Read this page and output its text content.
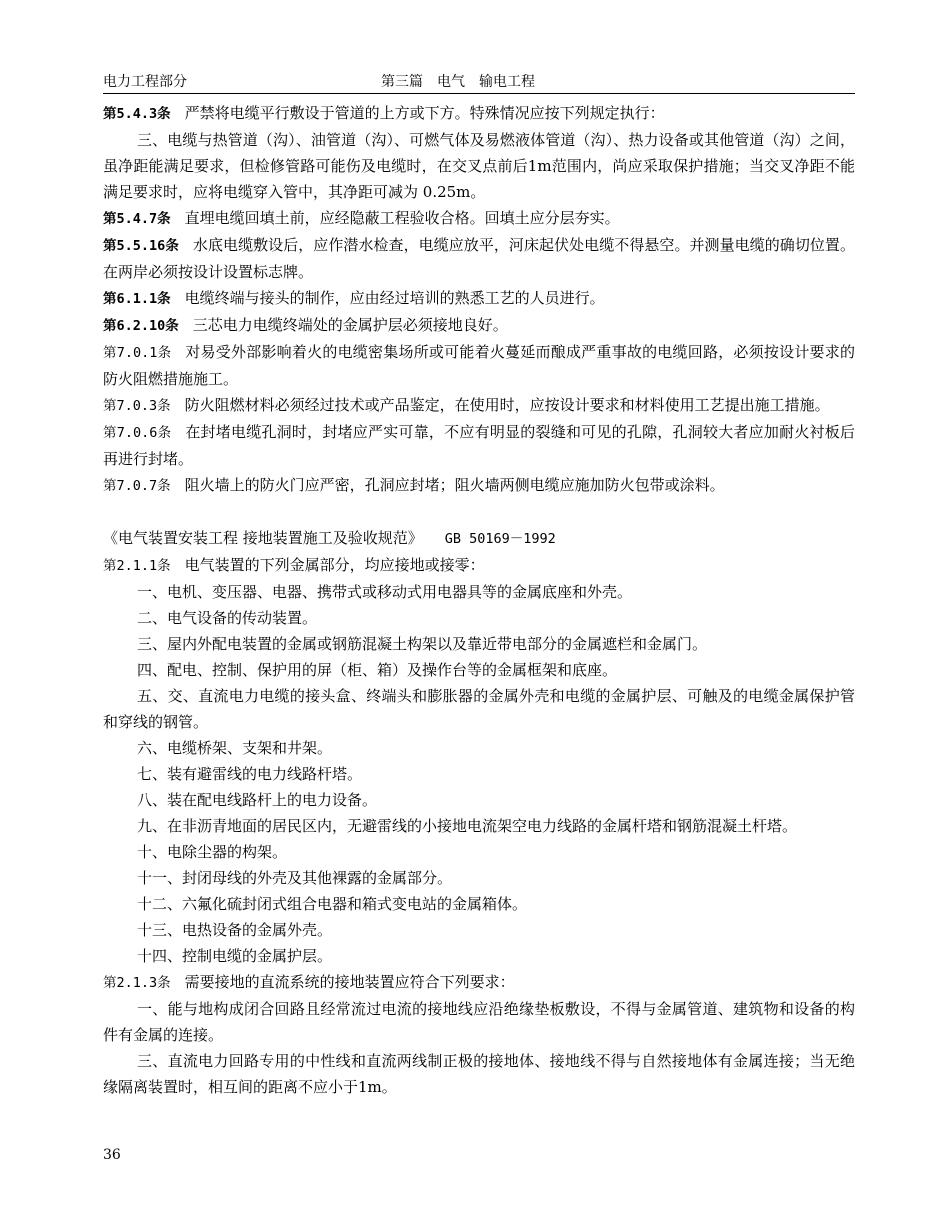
电力工程部分	第三篇　电气　输电工程

第5.4.3条 严禁将电缆平行敷设于管道的上方或下方。特殊情况应按下列规定执行：

三、电缆与热管道（沟）、油管道（沟）、可燃气体及易燃液体管道（沟）、热力设备或其他管道（沟）之间，虽净距能满足要求，但检修管路可能伤及电缆时，在交叉点前后1m范围内，尚应采取保护措施；当交叉净距不能满足要求时，应将电缆穿入管中，其净距可减为 0.25m。

第5.4.7条 直埋电缆回填土前，应经隐蔽工程验收合格。回填土应分层夯实。

第5.5.16条 水底电缆敷设后，应作潜水检查，电缆应放平，河床起伏处电缆不得悬空。并测量电缆的确切位置。在两岸必须按设计设置标志牌。

第6.1.1条 电缆终端与接头的制作，应由经过培训的熟悉工艺的人员进行。

第6.2.10条 三芯电力电缆终端处的金属护层必须接地良好。

第7.0.1条 对易受外部影响着火的电缆密集场所或可能着火蔓延而酿成严重事故的电缆回路，必须按设计要求的防火阻燃措施施工。

第7.0.3条 防火阻燃材料必须经过技术或产品鉴定，在使用时，应按设计要求和材料使用工艺提出施工措施。

第7.0.6条 在封堵电缆孔洞时，封堵应严实可靠，不应有明显的裂缝和可见的孔隙，孔洞较大者应加耐火衬板后再进行封堵。

第7.0.7条 阻火墙上的防火门应严密，孔洞应封堵；阻火墙两侧电缆应施加防火包带或涂料。

《电气装置安装工程 接地装置施工及验收规范》 GB 50169－1992

第2.1.1条 电气装置的下列金属部分，均应接地或接零：

一、电机、变压器、电器、携带式或移动式用电器具等的金属底座和外壳。

二、电气设备的传动装置。

三、屋内外配电装置的金属或钢筋混凝土构架以及靠近带电部分的金属遮栏和金属门。

四、配电、控制、保护用的屏（柜、箱）及操作台等的金属框架和底座。

五、交、直流电力电缆的接头盒、终端头和膨胀器的金属外壳和电缆的金属护层、可触及的电缆金属保护管和穿线的钢管。

六、电缆桥架、支架和井架。

七、装有避雷线的电力线路杆塔。

八、装在配电线路杆上的电力设备。

九、在非沥青地面的居民区内，无避雷线的小接地电流架空电力线路的金属杆塔和钢筋混凝土杆塔。

十、电除尘器的构架。

十一、封闭母线的外壳及其他裸露的金属部分。

十二、六氟化硫封闭式组合电器和箱式变电站的金属箱体。

十三、电热设备的金属外壳。

十四、控制电缆的金属护层。

第2.1.3条 需要接地的直流系统的接地装置应符合下列要求：

一、能与地构成闭合回路且经常流过电流的接地线应沿绝缘垫板敷设，不得与金属管道、建筑物和设备的构件有金属的连接。

三、直流电力回路专用的中性线和直流两线制正极的接地体、接地线不得与自然接地体有金属连接；当无绝缘隔离装置时，相互间的距离不应小于1m。

36
